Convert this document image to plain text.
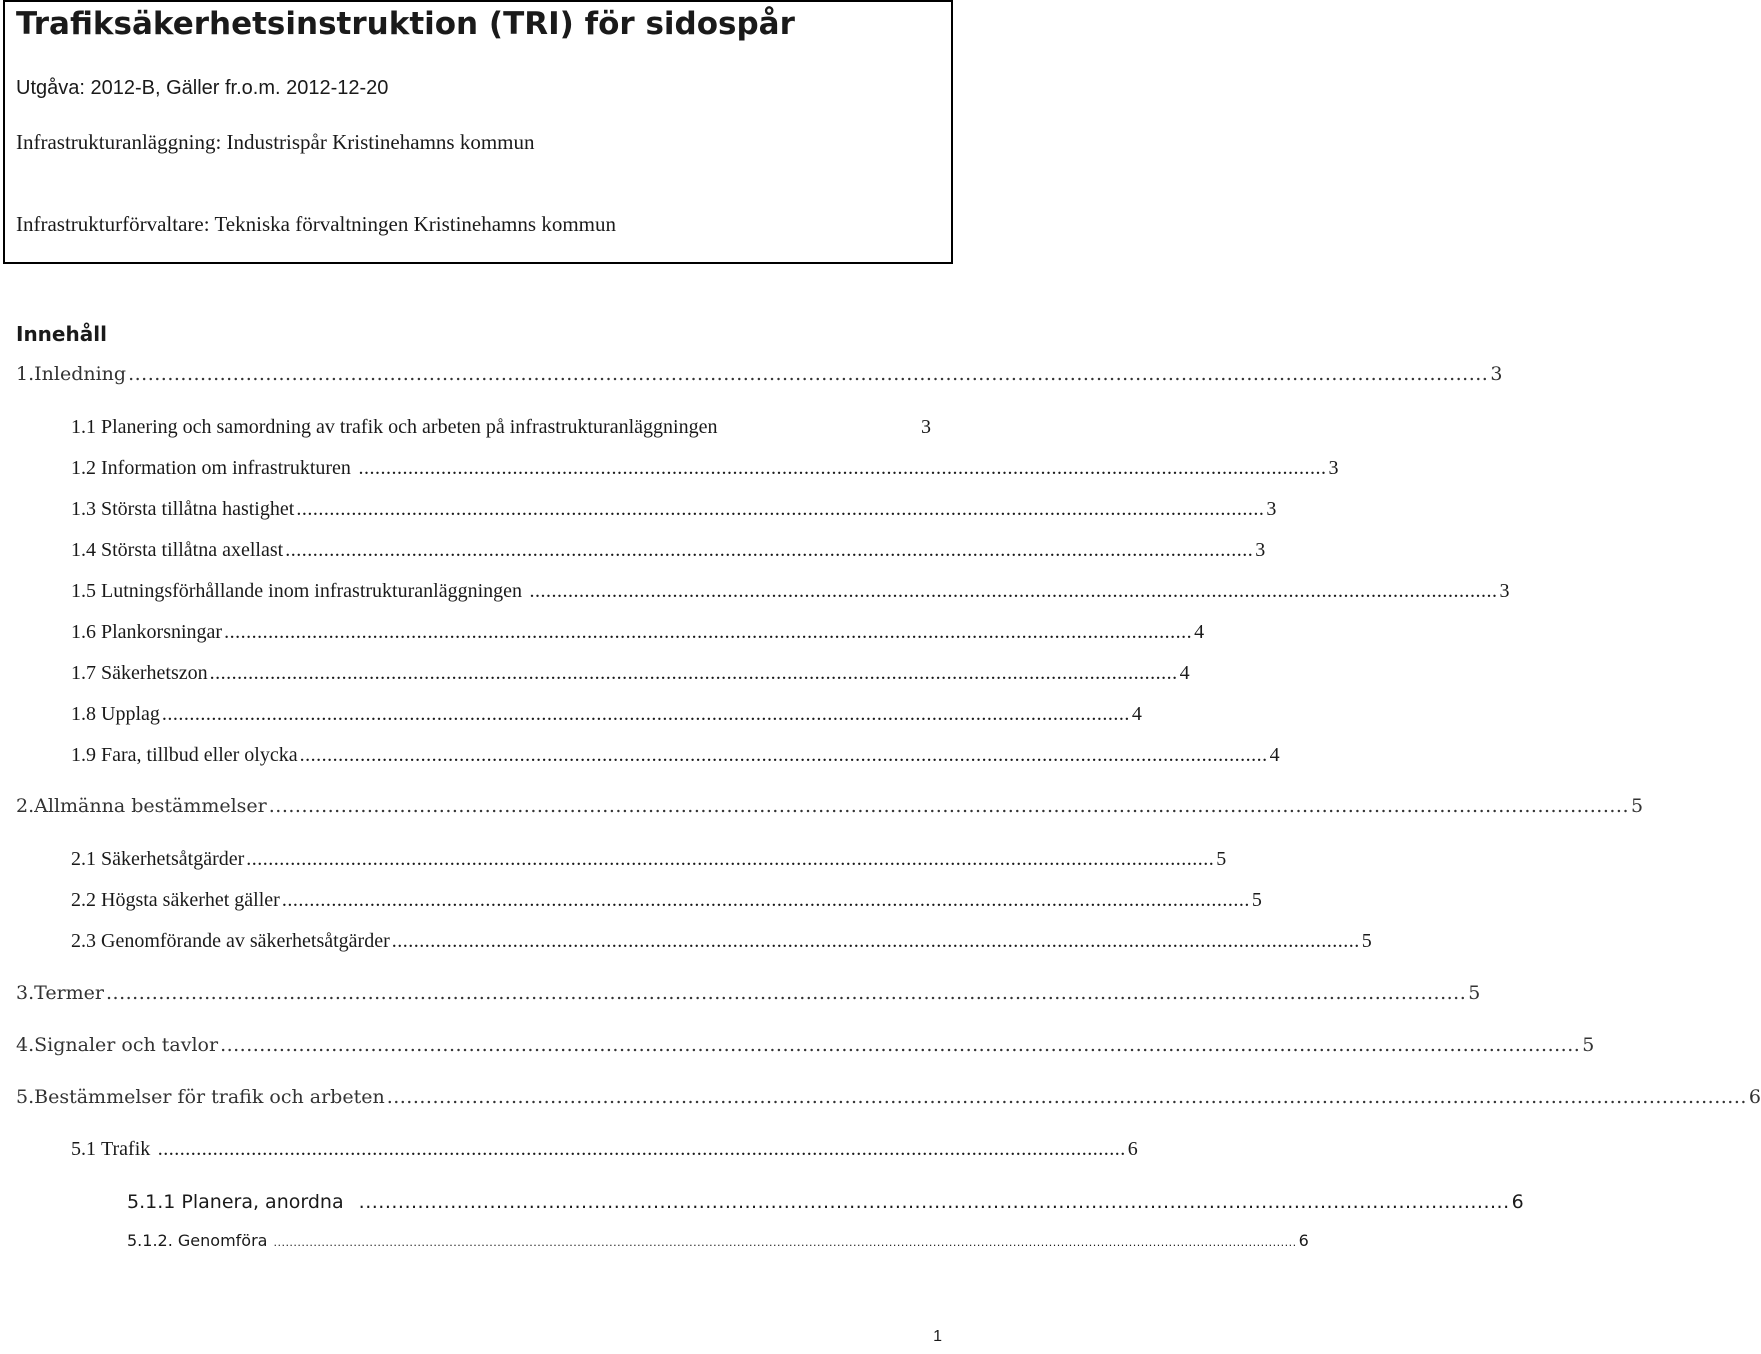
Trafiksäkerhetsinstruktion (TRI) för sidospår
Utgåva: 2012-B, Gäller fr.o.m. 2012-12-20
Infrastrukturanläggning: Industrispår Kristinehamns kommun
Infrastrukturförvaltare: Tekniska förvaltningen Kristinehamns kommun
Innehåll
1. Inledning ................................................................................................................................................................................................................ 3
1.1
Planering och samordning av trafik och arbeten på infrastrukturanläggningen	3
1.2
Information om infrastrukturen ................................................................................................................................................................................ 3
1.3
Största tillåtna hastighet ................................................................................................................................................................................ 3
1.4
Största tillåtna axellast ................................................................................................................................................................................ 3
1.5
Lutningsförhållande inom infrastrukturanläggningen ................................................................................................................................................................................ 3
1.6
Plankorsningar ................................................................................................................................................................................ 4
1.7
Säkerhetszon ................................................................................................................................................................................ 4
1.8
Upplag ................................................................................................................................................................................ 4
1.9
Fara, tillbud eller olycka ................................................................................................................................................................................ 4
2. Allmänna bestämmelser ................................................................................................................................................................................................................ 5
2.1
Säkerhetsåtgärder ................................................................................................................................................................................ 5
2.2
Högsta säkerhet gäller ................................................................................................................................................................................ 5
2.3
Genomförande av säkerhetsåtgärder ................................................................................................................................................................................ 5
3. Termer ................................................................................................................................................................................................................ 5
4. Signaler och tavlor ................................................................................................................................................................................................................ 5
5. Bestämmelser för trafik och arbeten ................................................................................................................................................................................................................ 6
5.1
Trafik ................................................................................................................................................................................ 6
5.1.1
Planera, anordna ................................................................................................................................................................................ 6
5.1.2.
Genomföra ................................................................................................................................................................................................................................................................ 6
1
